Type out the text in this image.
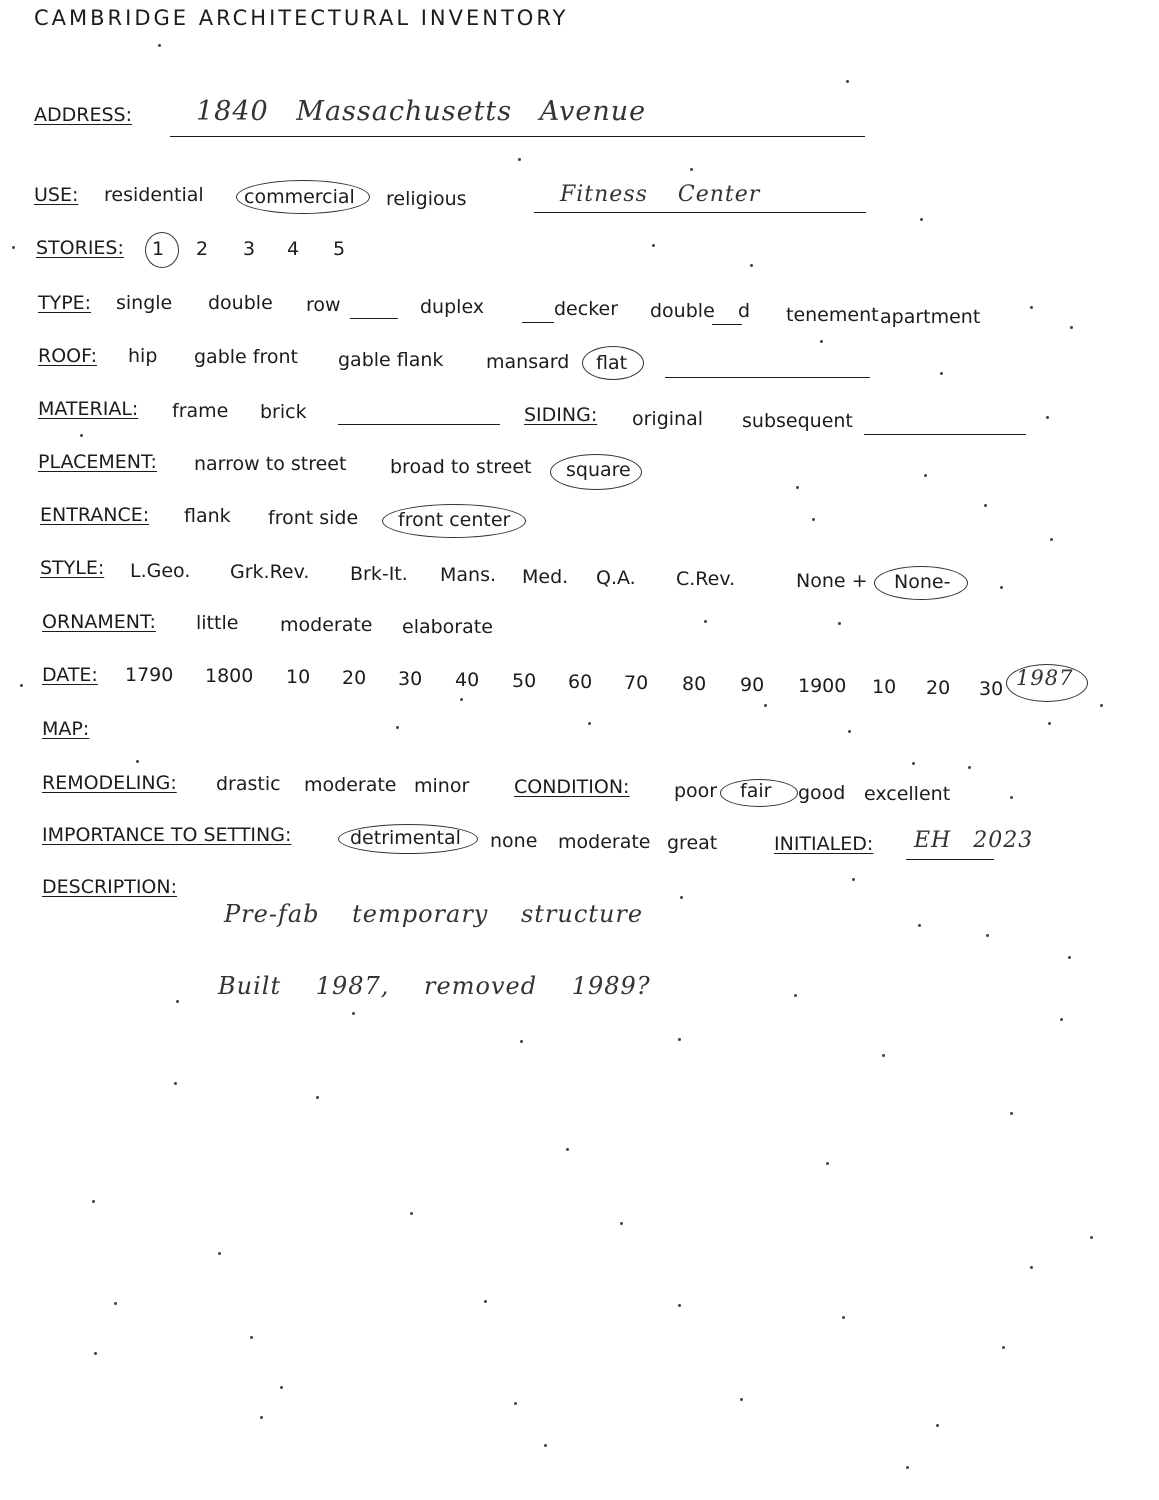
CAMBRIDGE ARCHITECTURAL INVENTORY
ADDRESS: 1840 Massachusetts Avenue
USE: residential commercial religious	Fitness Center
STORIES: 1 2 3 4 5
TYPE: single double row	duplex	decker double d tenement apartment
ROOF: hip gable front gable flank mansard flat
MATERIAL: frame brick	SIDING: original subsequent
PLACEMENT: narrow to street broad to street square
ENTRANCE: flank front side front center
STYLE: L.Geo. Grk.Rev. Brk-It. Mans. Med. Q.A. C.Rev.	None + None-
ORNAMENT: little moderate elaborate
DATE: 1790 1800 10 20 30 40 50 60 70 80 90 1900 10 20 30 1987
MAP:
REMODELING: drastic moderate minor CONDITION: poor fair good excellent
IMPORTANCE TO SETTING:	detrimental none moderate great	INITIALED: EH 2023
DESCRIPTION:
Pre-fab temporary structure
Built 1987, removed 1989?
